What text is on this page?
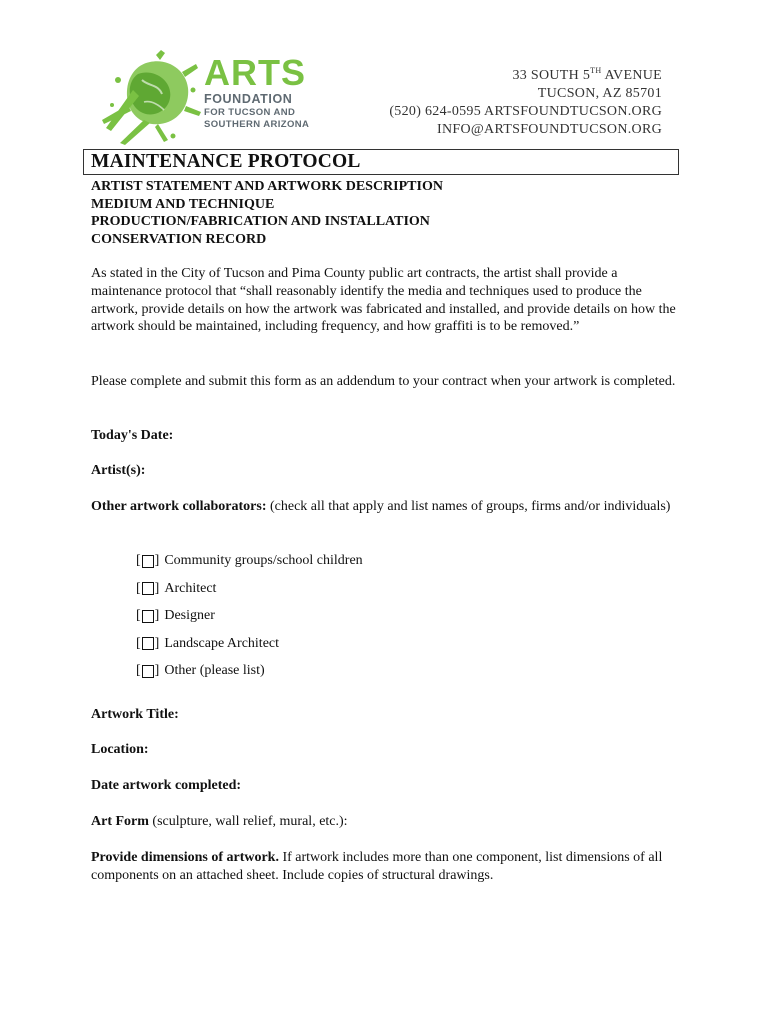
ARTS
FOUNDATION
FOR TUCSON AND
SOUTHERN ARIZONA
33 SOUTH 5TH AVENUE
TUCSON, AZ 85701
(520) 624-0595 ARTSFOUNDTUCSON.ORG
INFO@ARTSFOUNDTUCSON.ORG
MAINTENANCE PROTOCOL
ARTIST STATEMENT AND ARTWORK DESCRIPTION
MEDIUM AND TECHNIQUE
PRODUCTION/FABRICATION AND INSTALLATION
CONSERVATION RECORD
As stated in the City of Tucson and Pima County public art contracts, the artist shall provide a maintenance protocol that “shall reasonably identify the media and techniques used to produce the artwork, provide details on how the artwork was fabricated and installed, and provide details on how the artwork should be maintained, including frequency, and how graffiti is to be removed.”
Please complete and submit this form as an addendum to your contract when your artwork is completed.
Today's Date:
Artist(s):
Other artwork collaborators: (check all that apply and list names of groups, firms and/or individuals)
[ ] Community groups/school children
[ ] Architect
[ ] Designer
[ ] Landscape Architect
[ ] Other (please list)
Artwork Title:
Location:
Date artwork completed:
Art Form (sculpture, wall relief, mural, etc.):
Provide dimensions of artwork. If artwork includes more than one component, list dimensions of all components on an attached sheet. Include copies of structural drawings.
